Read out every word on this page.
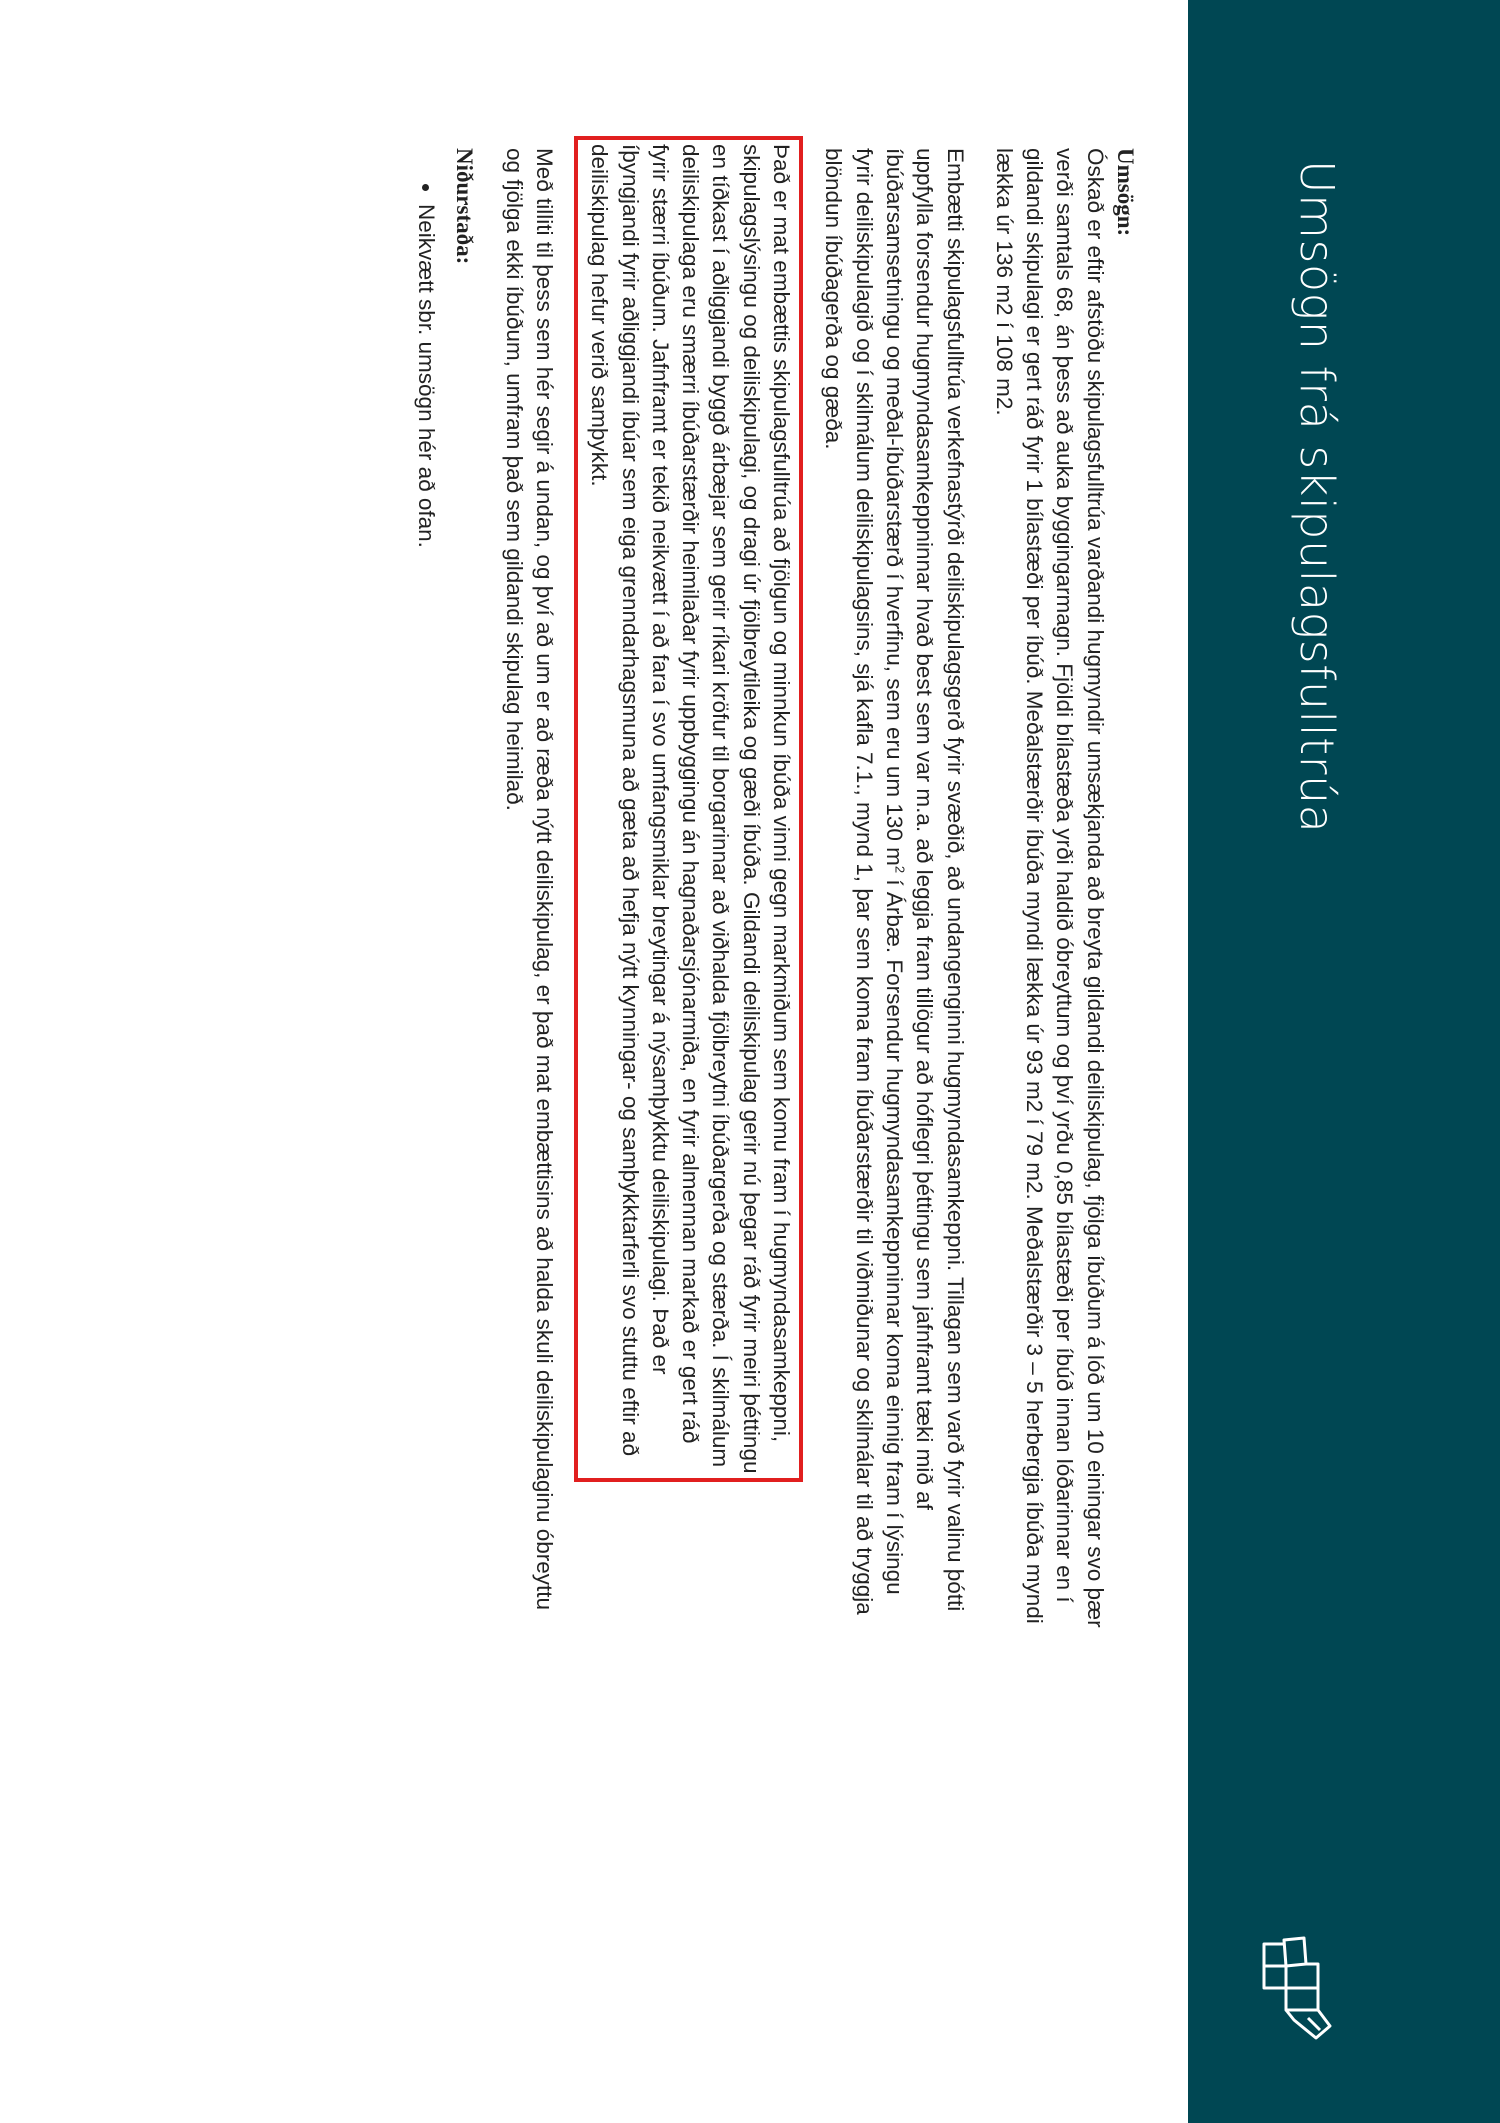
Umsögn frá skipulagsfulltrúa

Umsögn:
Óskað er eftir afstöðu skipulagsfulltrúa varðandi hugmyndir umsækjanda að breyta gildandi deiliskipulag, fjölga íbúðum á lóð um 10 einingar svo þær verði samtals 68, án þess að auka byggingarmagn. Fjöldi bílastæða yrði haldið óbreyttum og því yrðu 0,85 bílastæði per íbúð innan lóðarinnar en í gildandi skipulagi er gert ráð fyrir 1 bílastæði per íbúð. Meðalstærðir íbúða myndi lækka úr 93 m2 í 79 m2. Meðalstærðir 3 – 5 herbergja íbúða myndi lækka úr 136 m2 í 108 m2.

Embætti skipulagsfulltrúa verkefnastýrði deiliskipulagsgerð fyrir svæðið, að undangenginni hugmyndasamkeppni. Tillagan sem varð fyrir valinu þótti uppfylla forsendur hugmyndasamkeppninnar hvað best sem var m.a. að leggja fram tillögur að hóflegri þéttingu sem jafnframt tæki mið af íbúðarsamsetningu og meðal-íbúðarstærð í hverfinu, sem eru um 130 $m^2$ í Árbæ. Forsendur hugmyndasamkeppninnar koma einnig fram í lýsingu fyrir deiliskipulagið og í skilmálum deiliskipulagsins, sjá kafla 7.1., mynd 1, þar sem koma fram íbúðarstærðir til viðmiðunar og skilmálar til að tryggja blöndun íbúðagerða og gæða.

Það er mat embættis skipulagsfulltrúa að fjölgun og minnkun íbúða vinni gegn markmiðum sem komu fram í hugmyndasamkeppni, skipulagslýsingu og deiliskipulagi, og dragi úr fjölbreytileika og gæði íbúða. Gildandi deiliskipulag gerir nú þegar ráð fyrir meiri þéttingu en tíðkast í aðliggjandi byggð árbæjar sem gerir ríkari kröfur til borgarinnar að viðhalda fjölbreytni íbúðargerða og stærða. Í skilmálum deiliskipulaga eru smærri íbúðarstærðir heimilaðar fyrir uppbyggingu án hagnaðarsjónarmiða, en fyrir almennan markað er gert ráð fyrir stærri íbúðum. Jafnframt er tekið neikvætt í að fara í svo umfangsmiklar breytingar á nýsamþykktu deiliskipulagi. Það er íþyngjandi fyrir aðliggjandi íbúar sem eiga grenndarhagsmuna að gæta að hefja nýtt kynningar- og samþykktarferli svo stuttu eftir að deiliskipulag hefur verið samþykkt.

Með tilliti til þess sem hér segir á undan, og því að um er að ræða nýtt deiliskipulag, er það mat embættisins að halda skuli deiliskipulaginu óbreyttu og fjölga ekki íbúðum, umfram það sem gildandi skipulag heimilað.

Niðurstaða:

• Neikvætt sbr. umsögn hér að ofan.
